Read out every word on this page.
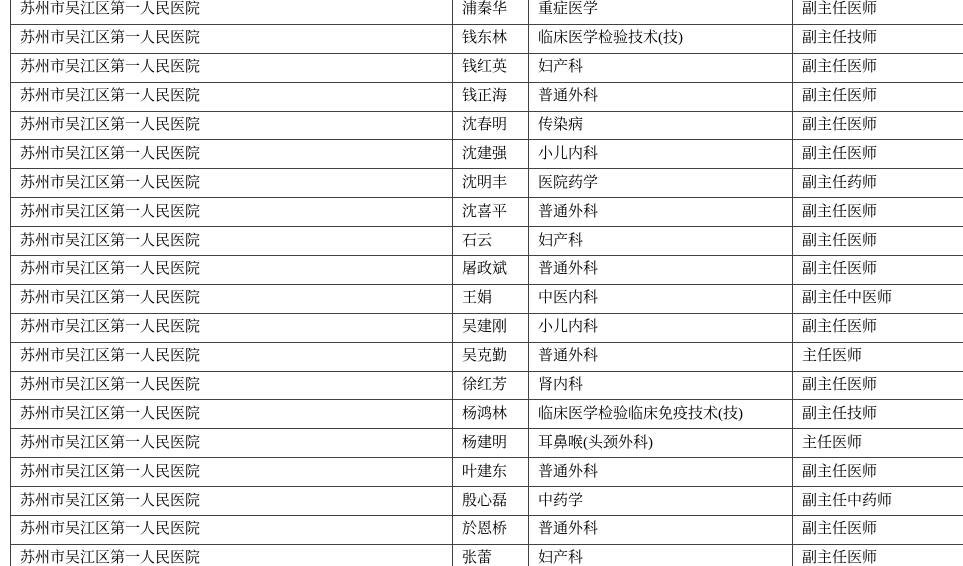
苏州市吴江区第一人民医院	浦秦华	重症医学	副主任医师
苏州市吴江区第一人民医院	钱东林	临床医学检验技术(技)	副主任技师
苏州市吴江区第一人民医院	钱红英	妇产科	副主任医师
苏州市吴江区第一人民医院	钱正海	普通外科	副主任医师
苏州市吴江区第一人民医院	沈春明	传染病	副主任医师
苏州市吴江区第一人民医院	沈建强	小儿内科	副主任医师
苏州市吴江区第一人民医院	沈明丰	医院药学	副主任药师
苏州市吴江区第一人民医院	沈喜平	普通外科	副主任医师
苏州市吴江区第一人民医院	石云	妇产科	副主任医师
苏州市吴江区第一人民医院	屠政斌	普通外科	副主任医师
苏州市吴江区第一人民医院	王娟	中医内科	副主任中医师
苏州市吴江区第一人民医院	吴建刚	小儿内科	副主任医师
苏州市吴江区第一人民医院	吴克勤	普通外科	主任医师
苏州市吴江区第一人民医院	徐红芳	肾内科	副主任医师
苏州市吴江区第一人民医院	杨鸿林	临床医学检验临床免疫技术(技)	副主任技师
苏州市吴江区第一人民医院	杨建明	耳鼻喉(头颈外科)	主任医师
苏州市吴江区第一人民医院	叶建东	普通外科	副主任医师
苏州市吴江区第一人民医院	殷心磊	中药学	副主任中药师
苏州市吴江区第一人民医院	於恩桥	普通外科	副主任医师
苏州市吴江区第一人民医院	张蕾	妇产科	副主任医师
